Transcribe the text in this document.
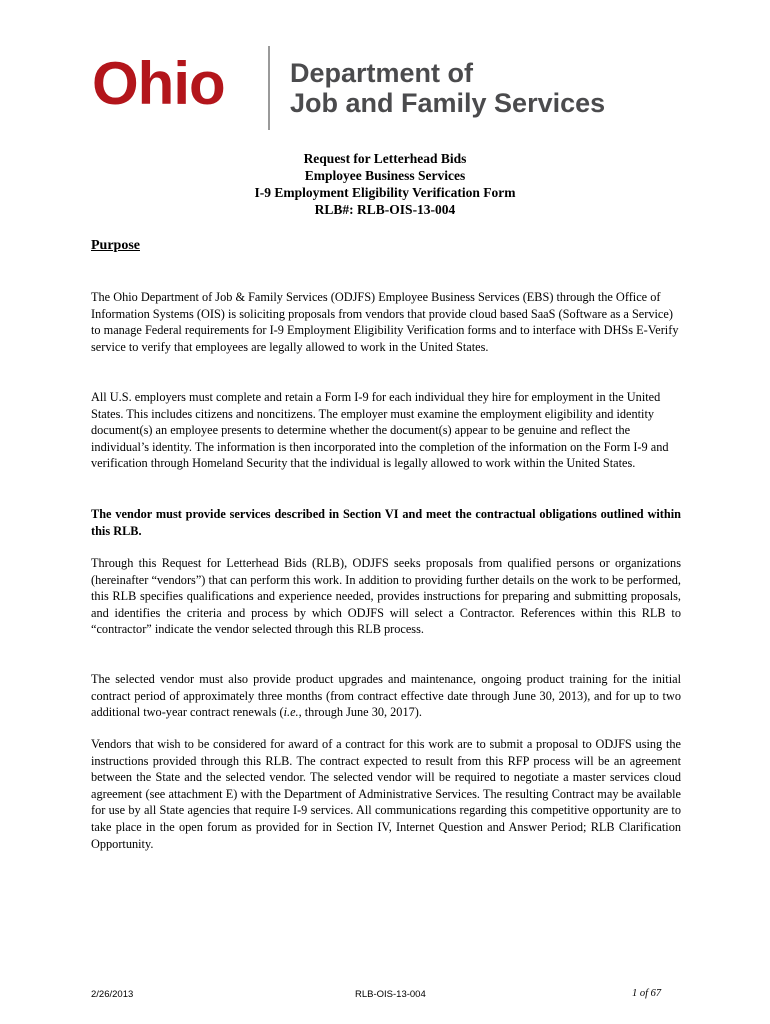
Ohio Department of
Job and Family Services
Request for Letterhead Bids
Employee Business Services
I-9 Employment Eligibility Verification Form
RLB#: RLB-OIS-13-004
Purpose

The Ohio Department of Job & Family Services (ODJFS) Employee Business Services (EBS) through the Office of Information Systems (OIS) is soliciting proposals from vendors that provide cloud based SaaS (Software as a Service) to manage Federal requirements for I-9 Employment Eligibility Verification forms and to interface with DHSs E-Verify service to verify that employees are legally allowed to work in the United States.

All U.S. employers must complete and retain a Form I-9 for each individual they hire for employment in the United States. This includes citizens and noncitizens. The employer must examine the employment eligibility and identity document(s) an employee presents to determine whether the document(s) appear to be genuine and reflect the individual’s identity. The information is then incorporated into the completion of the information on the Form I-9 and verification through Homeland Security that the individual is legally allowed to work within the United States.

The vendor must provide services described in Section VI and meet the contractual obligations outlined within this RLB.

Through this Request for Letterhead Bids (RLB), ODJFS seeks proposals from qualified persons or organizations (hereinafter “vendors”) that can perform this work. In addition to providing further details on the work to be performed, this RLB specifies qualifications and experience needed, provides instructions for preparing and submitting proposals, and identifies the criteria and process by which ODJFS will select a Contractor. References within this RLB to “contractor” indicate the vendor selected through this RLB process.

The selected vendor must also provide product upgrades and maintenance, ongoing product training for the initial contract period of approximately three months (from contract effective date through June 30, 2013), and for up to two additional two-year contract renewals (i.e., through June 30, 2017).

Vendors that wish to be considered for award of a contract for this work are to submit a proposal to ODJFS using the instructions provided through this RLB. The contract expected to result from this RFP process will be an agreement between the State and the selected vendor. The selected vendor will be required to negotiate a master services cloud agreement (see attachment E) with the Department of Administrative Services. The resulting Contract may be available for use by all State agencies that require I-9 services. All communications regarding this competitive opportunity are to take place in the open forum as provided for in Section IV, Internet Question and Answer Period; RLB Clarification Opportunity.

2/26/2013	RLB-OIS-13-004	1 of 67
